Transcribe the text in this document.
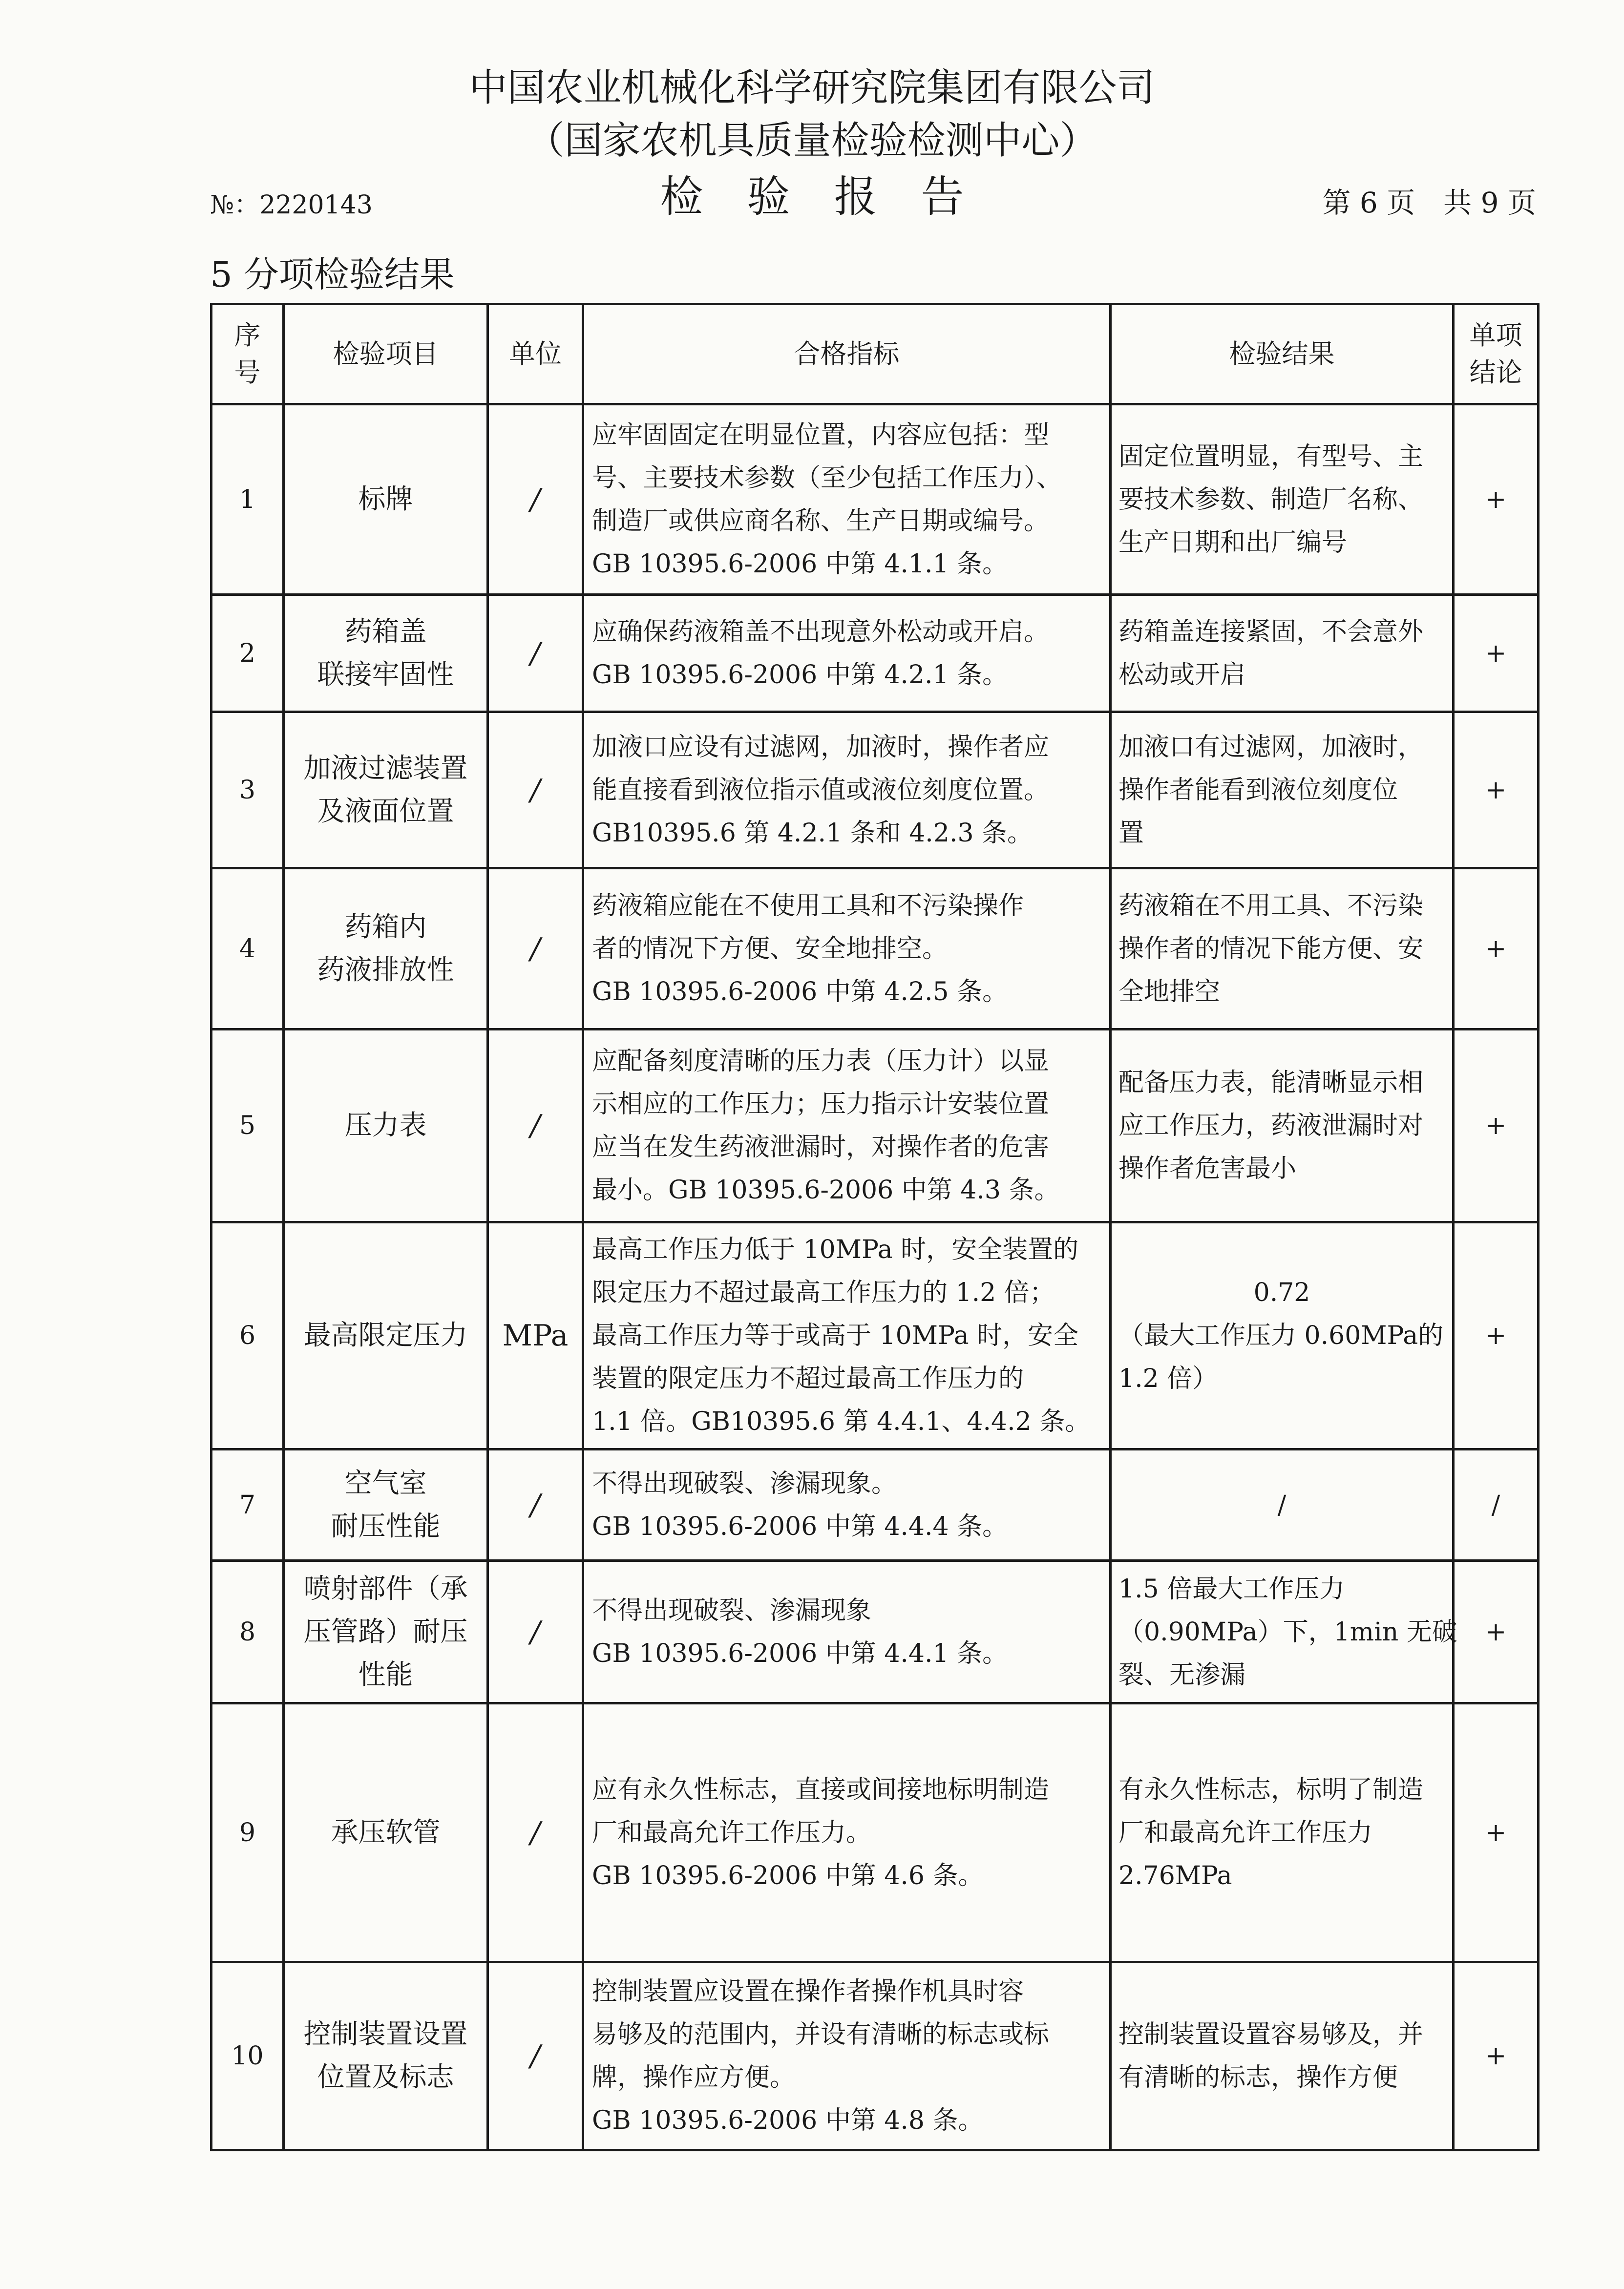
中国农业机械化科学研究院集团有限公司
（国家农机具质量检验检测中心）
№：2220143	检验报告	第 6 页　共 9 页
5 分项检验结果
序
号	检验项目	单位	合格指标	检验结果	单项
结论

1	标牌	/	应牢固固定在明显位置，内容应包括：型
号、主要技术参数（至少包括工作压力）、
制造厂或供应商名称、生产日期或编号。
GB 10395.6-2006 中第 4.1.1 条。	固定位置明显，有型号、主
要技术参数、制造厂名称、
生产日期和出厂编号	+
2	药箱盖
联接牢固性	/	应确保药液箱盖不出现意外松动或开启。
GB 10395.6-2006 中第 4.2.1 条。	药箱盖连接紧固，不会意外
松动或开启	+
3	加液过滤装置
及液面位置	/	加液口应设有过滤网，加液时，操作者应
能直接看到液位指示值或液位刻度位置。
GB10395.6 第 4.2.1 条和 4.2.3 条。	加液口有过滤网，加液时，
操作者能看到液位刻度位
置	+
4	药箱内
药液排放性	/	药液箱应能在不使用工具和不污染操作
者的情况下方便、安全地排空。
GB 10395.6-2006 中第 4.2.5 条。	药液箱在不用工具、不污染
操作者的情况下能方便、安
全地排空	+
5	压力表	/	应配备刻度清晰的压力表（压力计）以显
示相应的工作压力；压力指示计安装位置
应当在发生药液泄漏时，对操作者的危害
最小。GB 10395.6-2006 中第 4.3 条。	配备压力表，能清晰显示相
应工作压力，药液泄漏时对
操作者危害最小	+
6	最高限定压力	MPa	最高工作压力低于 10MPa 时，安全装置的
限定压力不超过最高工作压力的 1.2 倍；
最高工作压力等于或高于 10MPa 时，安全
装置的限定压力不超过最高工作压力的
1.1 倍。GB10395.6 第 4.4.1、4.4.2 条。	0.72
（最大工作压力 0.60MPa的
1.2 倍）	+
7	空气室
耐压性能	/	不得出现破裂、渗漏现象。
GB 10395.6-2006 中第 4.4.4 条。	/	/
8	喷射部件（承
压管路）耐压
性能	/	不得出现破裂、渗漏现象
GB 10395.6-2006 中第 4.4.1 条。	1.5 倍最大工作压力
（0.90MPa）下，1min 无破
裂、无渗漏	+
9	承压软管	/	应有永久性标志，直接或间接地标明制造
厂和最高允许工作压力。
GB 10395.6-2006 中第 4.6 条。	有永久性标志，标明了制造
厂和最高允许工作压力
2.76MPa	+
10	控制装置设置
位置及标志	/	控制装置应设置在操作者操作机具时容
易够及的范围内，并设有清晰的标志或标
牌，操作应方便。
GB 10395.6-2006 中第 4.8 条。	控制装置设置容易够及，并
有清晰的标志，操作方便	+
